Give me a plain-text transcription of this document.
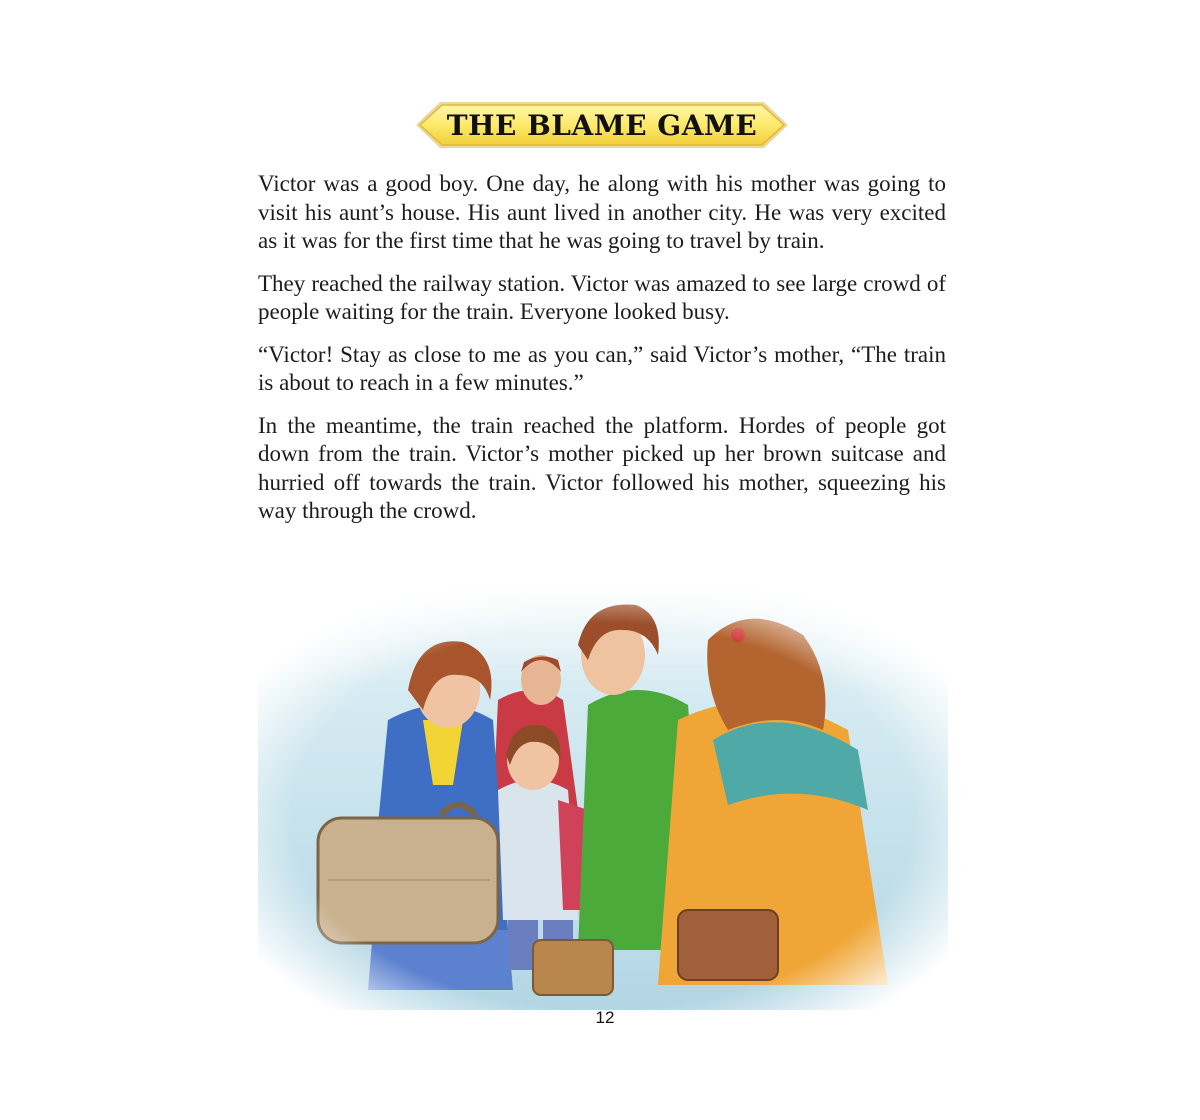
THE BLAME GAME

Victor was a good boy. One day, he along with his mother was going to visit his aunt’s house. His aunt lived in another city. He was very excited as it was for the first time that he was going to travel by train.

They reached the railway station. Victor was amazed to see large crowd of people waiting for the train. Everyone looked busy.

“Victor! Stay as close to me as you can,” said Victor’s mother, “The train is about to reach in a few minutes.”

In the meantime, the train reached the platform. Hordes of people got down from the train. Victor’s mother picked up her brown suitcase and hurried off towards the train. Victor followed his mother, squeezing his way through the crowd.

12
